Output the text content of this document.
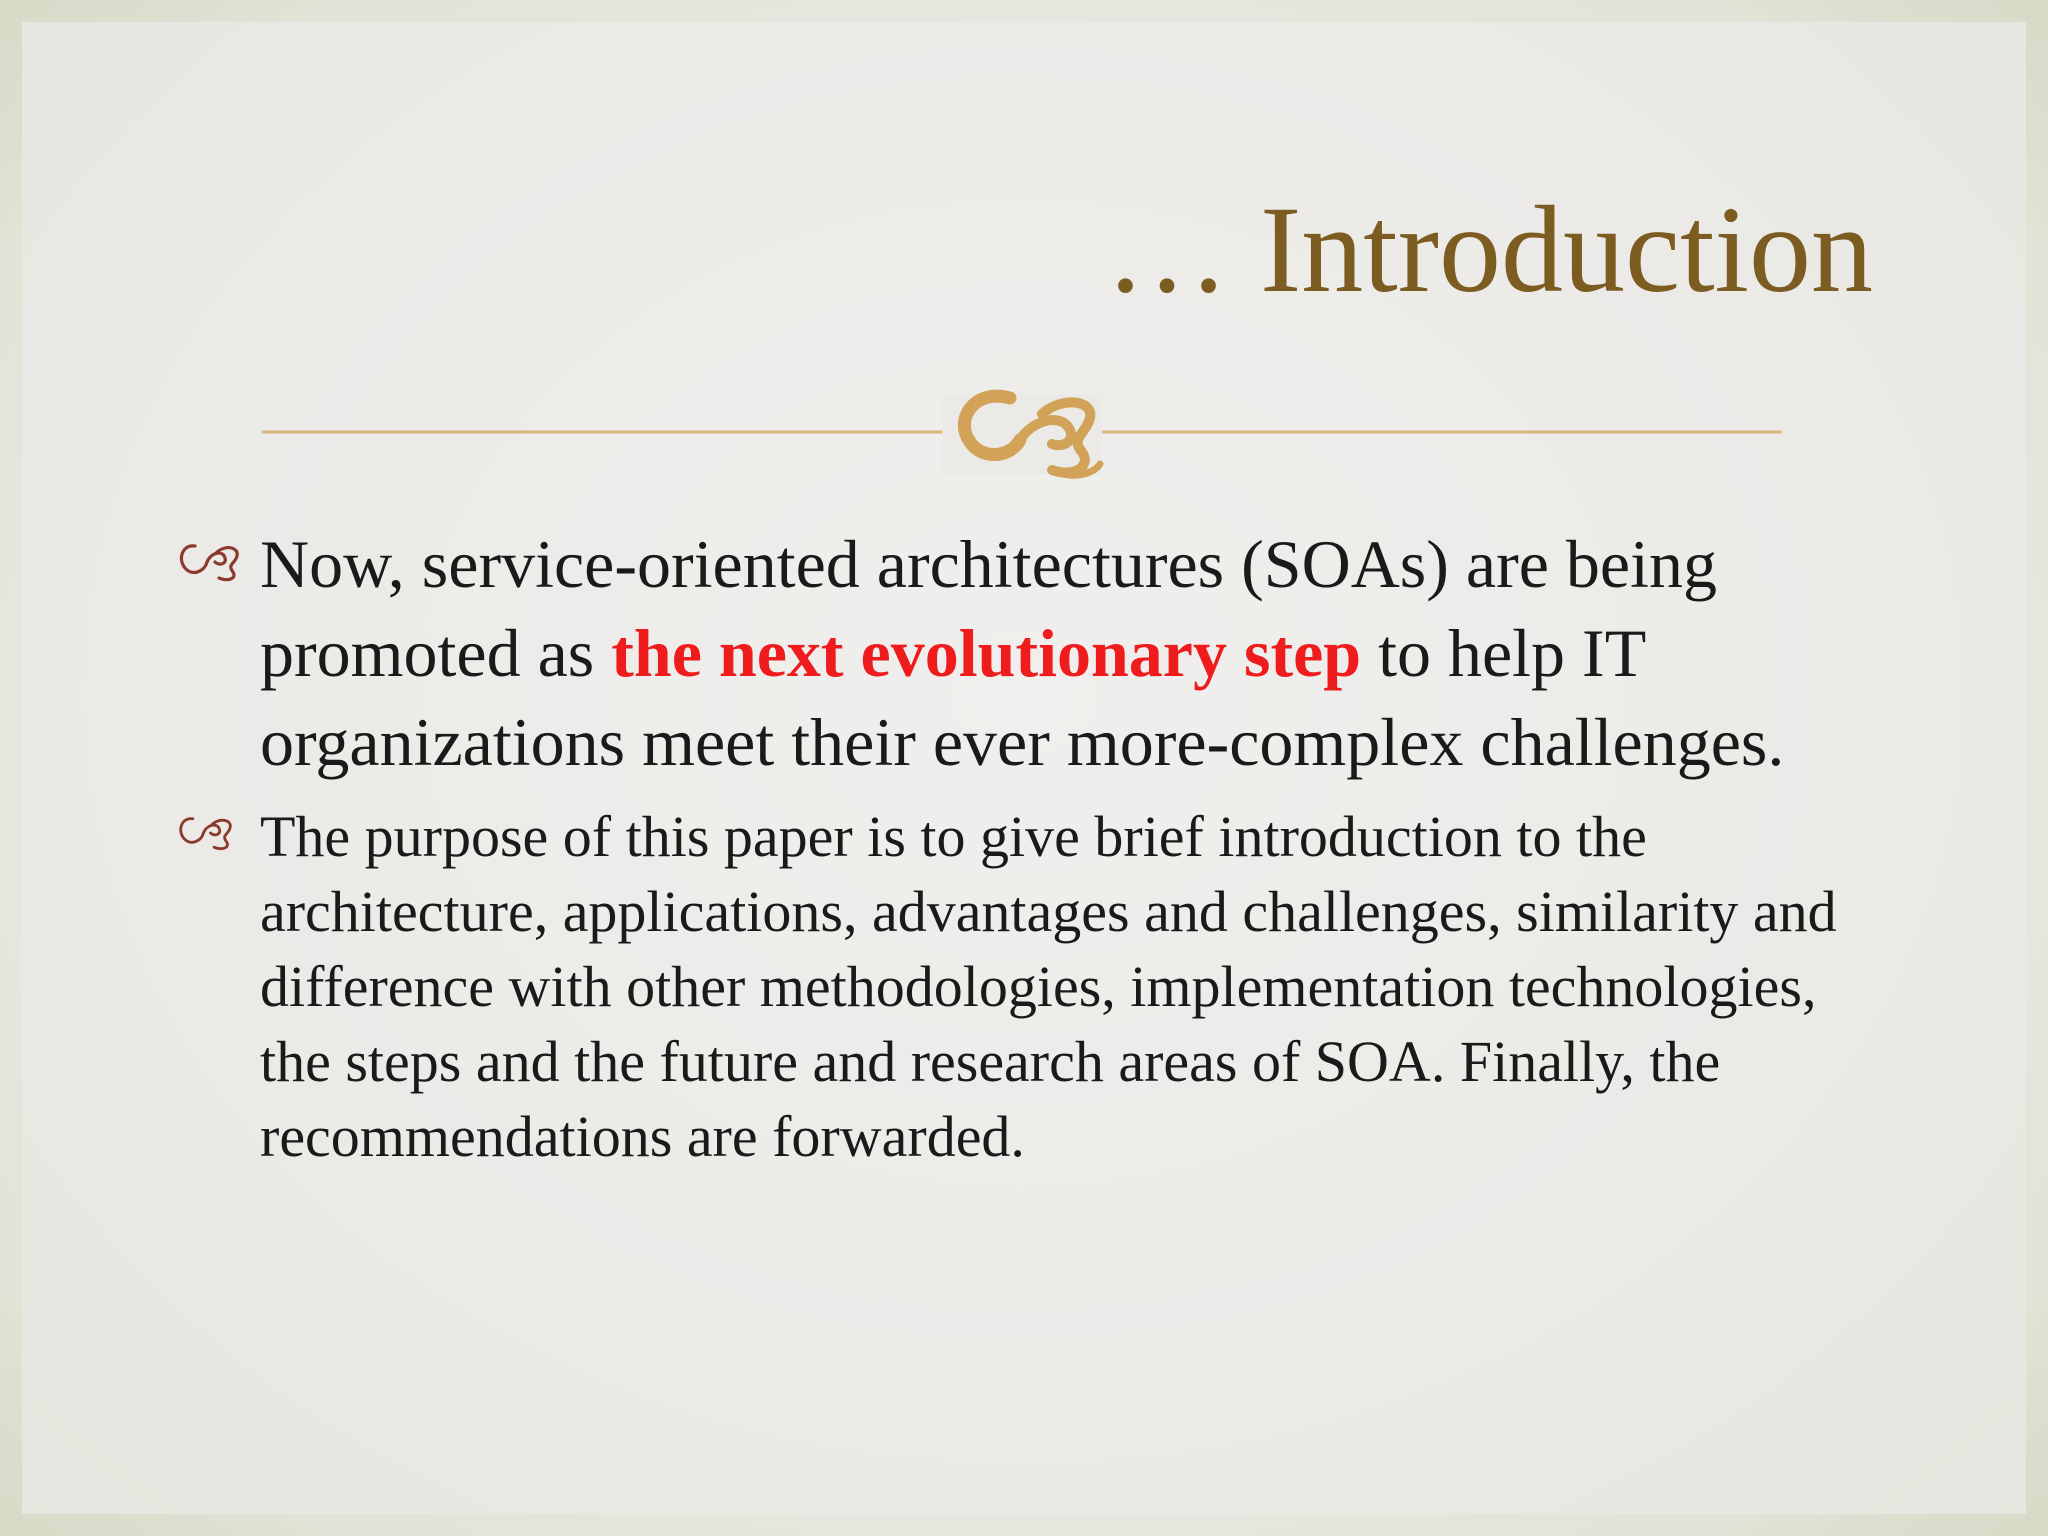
… Introduction
Now, service-oriented architectures (SOAs) are being promoted as the next evolutionary step to help IT organizations meet their ever more-complex challenges.
The purpose of this paper is to give brief introduction to the architecture, applications, advantages and challenges, similarity and difference with other methodologies, implementation technologies, the steps and the future and research areas of SOA. Finally, the recommendations are forwarded.
